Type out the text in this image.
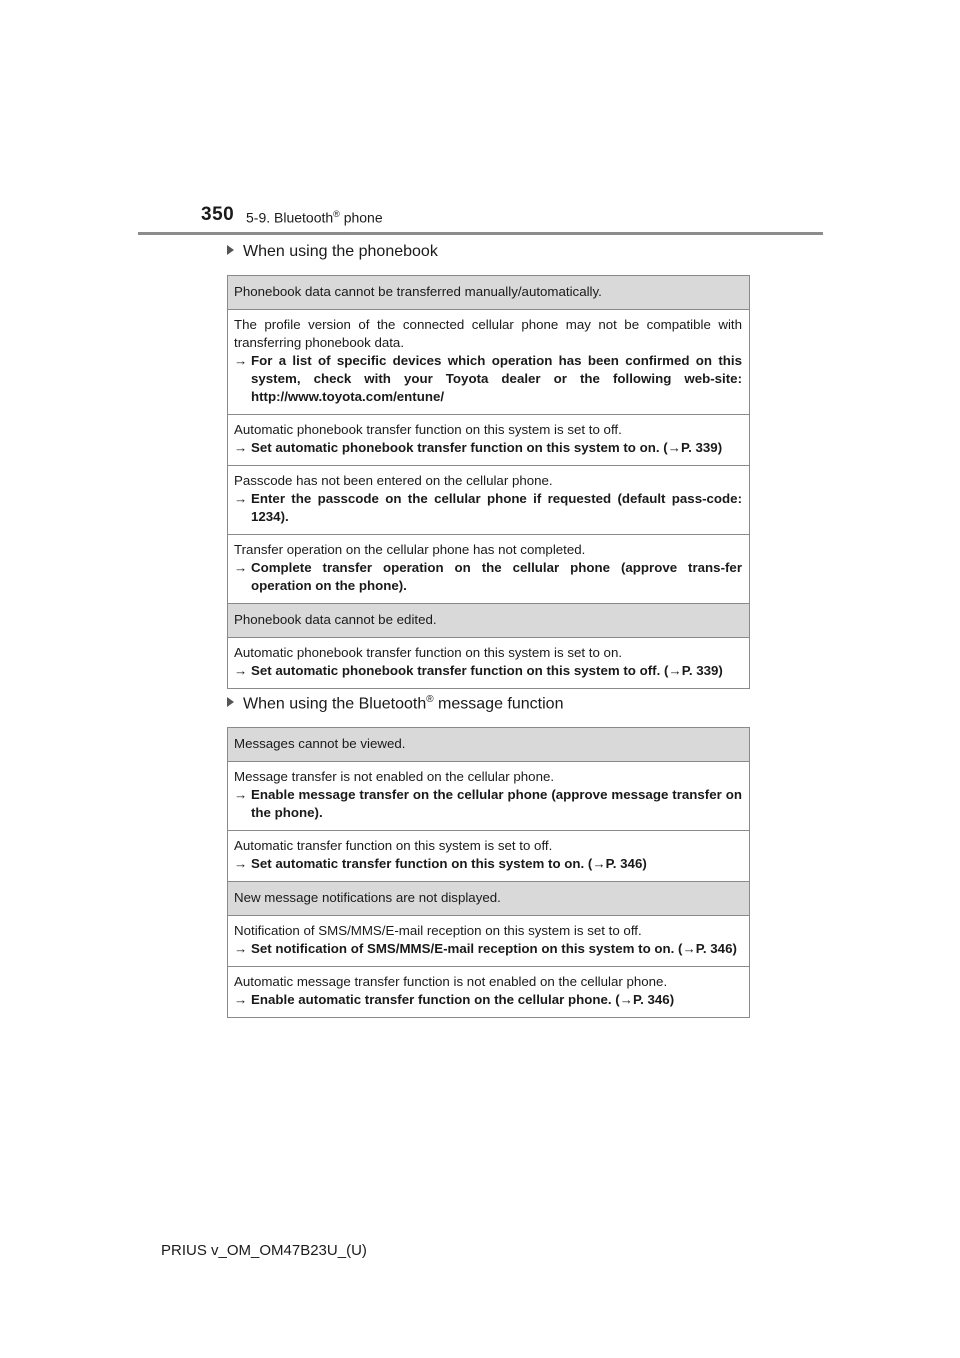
350 5-9. Bluetooth® phone
When using the phonebook
Phonebook data cannot be transferred manually/automatically.
The profile version of the connected cellular phone may not be compatible with transferring phonebook data.
→ For a list of specific devices which operation has been confirmed on this system, check with your Toyota dealer or the following web-site: http://www.toyota.com/entune/
Automatic phonebook transfer function on this system is set to off.
→ Set automatic phonebook transfer function on this system to on. (→P. 339)
Passcode has not been entered on the cellular phone.
→ Enter the passcode on the cellular phone if requested (default pass-code: 1234).
Transfer operation on the cellular phone has not completed.
→ Complete transfer operation on the cellular phone (approve trans-fer operation on the phone).
Phonebook data cannot be edited.
Automatic phonebook transfer function on this system is set to on.
→ Set automatic phonebook transfer function on this system to off. (→P. 339)
When using the Bluetooth® message function
Messages cannot be viewed.
Message transfer is not enabled on the cellular phone.
→ Enable message transfer on the cellular phone (approve message transfer on the phone).
Automatic transfer function on this system is set to off.
→ Set automatic transfer function on this system to on. (→P. 346)
New message notifications are not displayed.
Notification of SMS/MMS/E-mail reception on this system is set to off.
→ Set notification of SMS/MMS/E-mail reception on this system to on. (→P. 346)
Automatic message transfer function is not enabled on the cellular phone.
→ Enable automatic transfer function on the cellular phone. (→P. 346)
PRIUS v_OM_OM47B23U_(U)
